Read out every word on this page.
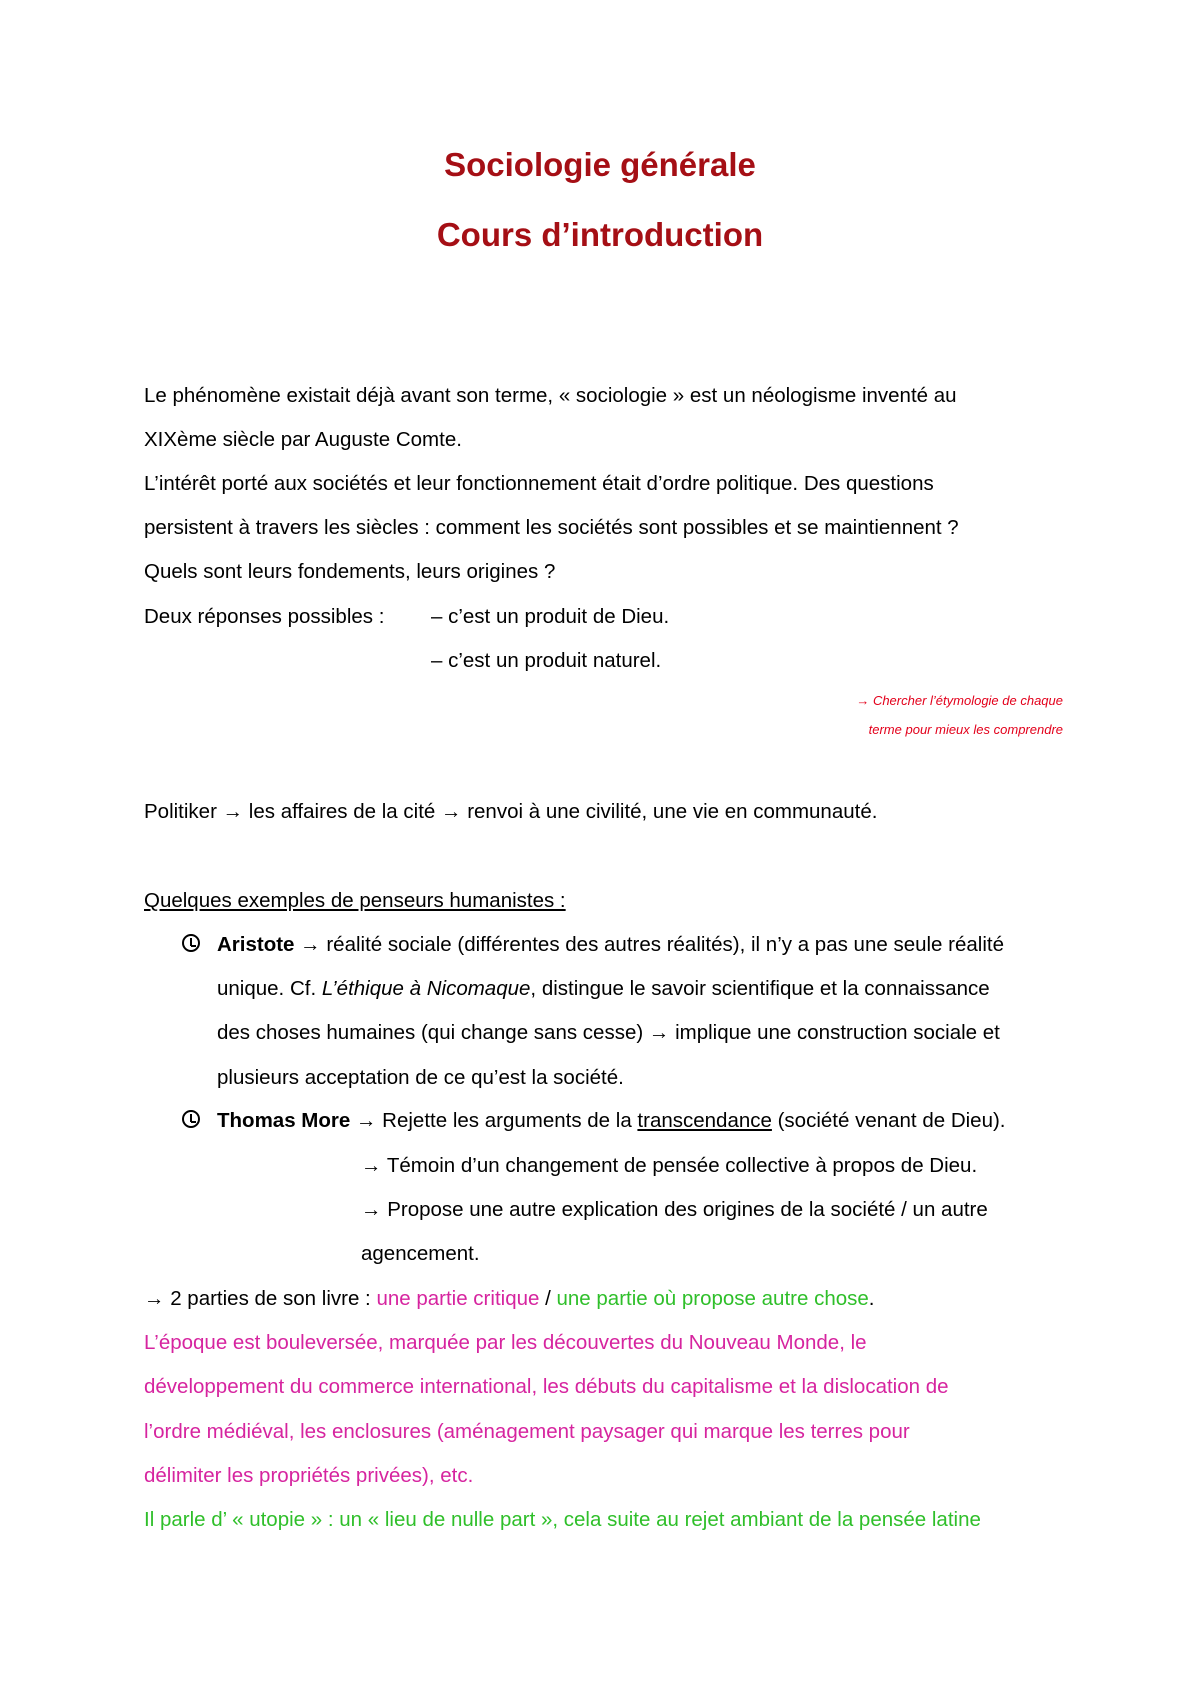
Sociologie générale
Cours d’introduction

Le phénomène existait déjà avant son terme, « sociologie » est un néologisme inventé au

XIXème siècle par Auguste Comte.

L’intérêt porté aux sociétés et leur fonctionnement était d’ordre politique. Des questions

persistent à travers les siècles : comment les sociétés sont possibles et se maintiennent ?

Quels sont leurs fondements, leurs origines ?

Deux réponses possibles : – c’est un produit de Dieu.

– c’est un produit naturel.

→ Chercher l’étymologie de chaque
terme pour mieux les comprendre

Politiker → les affaires de la cité → renvoi à une civilité, une vie en communauté.

Quelques exemples de penseurs humanistes :

Aristote → réalité sociale (différentes des autres réalités), il n’y a pas une seule réalité

unique. Cf. L’éthique à Nicomaque, distingue le savoir scientifique et la connaissance

des choses humaines (qui change sans cesse) → implique une construction sociale et

plusieurs acceptation de ce qu’est la société.

Thomas More → Rejette les arguments de la transcendance (société venant de Dieu).

→ Témoin d’un changement de pensée collective à propos de Dieu.

→ Propose une autre explication des origines de la société / un autre

agencement.

→ 2 parties de son livre : une partie critique / une partie où propose autre chose.

L’époque est bouleversée, marquée par les découvertes du Nouveau Monde, le

développement du commerce international, les débuts du capitalisme et la dislocation de

l’ordre médiéval, les enclosures (aménagement paysager qui marque les terres pour

délimiter les propriétés privées), etc.

Il parle d’ « utopie » : un « lieu de nulle part », cela suite au rejet ambiant de la pensée latine
